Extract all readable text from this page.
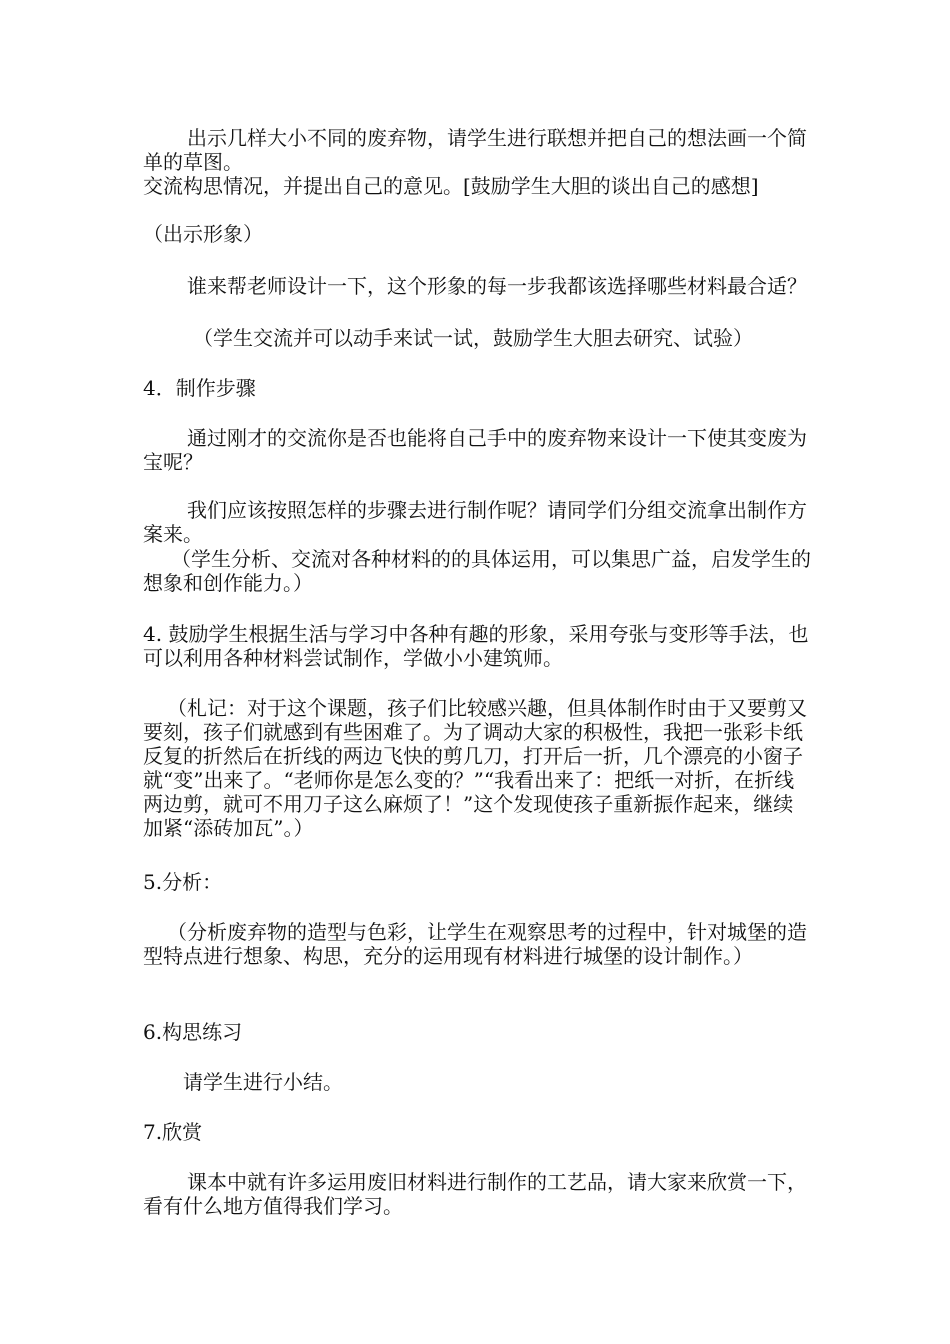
出示几样大小不同的废弃物，请学生进行联想并把自己的想法画一个简单的草图。

交流构思情况，并提出自己的意见。[鼓励学生大胆的谈出自己的感想]

（出示形象）

谁来帮老师设计一下，这个形象的每一步我都该选择哪些材料最合适？

（学生交流并可以动手来试一试，鼓励学生大胆去研究、试验）

4．制作步骤

通过刚才的交流你是否也能将自己手中的废弃物来设计一下使其变废为宝呢？

我们应该按照怎样的步骤去进行制作呢？请同学们分组交流拿出制作方案来。

（学生分析、交流对各种材料的的具体运用，可以集思广益，启发学生的想象和创作能力。）

4. 鼓励学生根据生活与学习中各种有趣的形象，采用夸张与变形等手法，也可以利用各种材料尝试制作，学做小小建筑师。

（札记：对于这个课题，孩子们比较感兴趣，但具体制作时由于又要剪又要刻，孩子们就感到有些困难了。为了调动大家的积极性，我把一张彩卡纸反复的折然后在折线的两边飞快的剪几刀，打开后一折，几个漂亮的小窗子就“变”出来了。“老师你是怎么变的？”“我看出来了：把纸一对折，在折线两边剪，就可不用刀子这么麻烦了！”这个发现使孩子重新振作起来，继续加紧“添砖加瓦”。）

5.分析：

（分析废弃物的造型与色彩，让学生在观察思考的过程中，针对城堡的造型特点进行想象、构思，充分的运用现有材料进行城堡的设计制作。）

6.构思练习

请学生进行小结。

7.欣赏

课本中就有许多运用废旧材料进行制作的工艺品，请大家来欣赏一下，看有什么地方值得我们学习。
